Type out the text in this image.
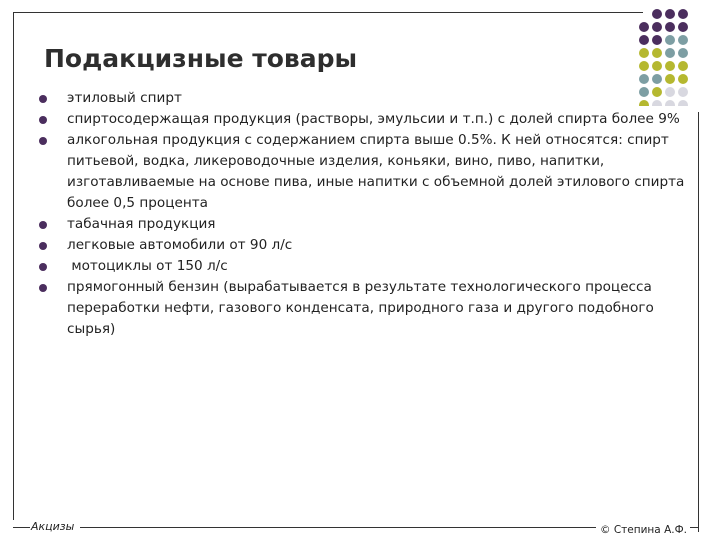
Подакцизные товары
этиловый спирт
спиртосодержащая продукция (растворы, эмульсии и т.п.) с долей спирта более 9%
алкогольная продукция с содержанием спирта выше 0.5%. К ней относятся: спирт питьевой, водка, ликероводочные изделия, коньяки, вино, пиво, напитки, изготавливаемые на основе пива, иные напитки с объемной долей этилового спирта более 0,5 процента
табачная продукция
легковые автомобили от 90 л/с
мотоциклы от 150 л/с
прямогонный бензин (вырабатывается в результате технологического процесса переработки нефти, газового конденсата, природного газа и другого подобного сырья)
Акцизы	© Степина А.Ф.
